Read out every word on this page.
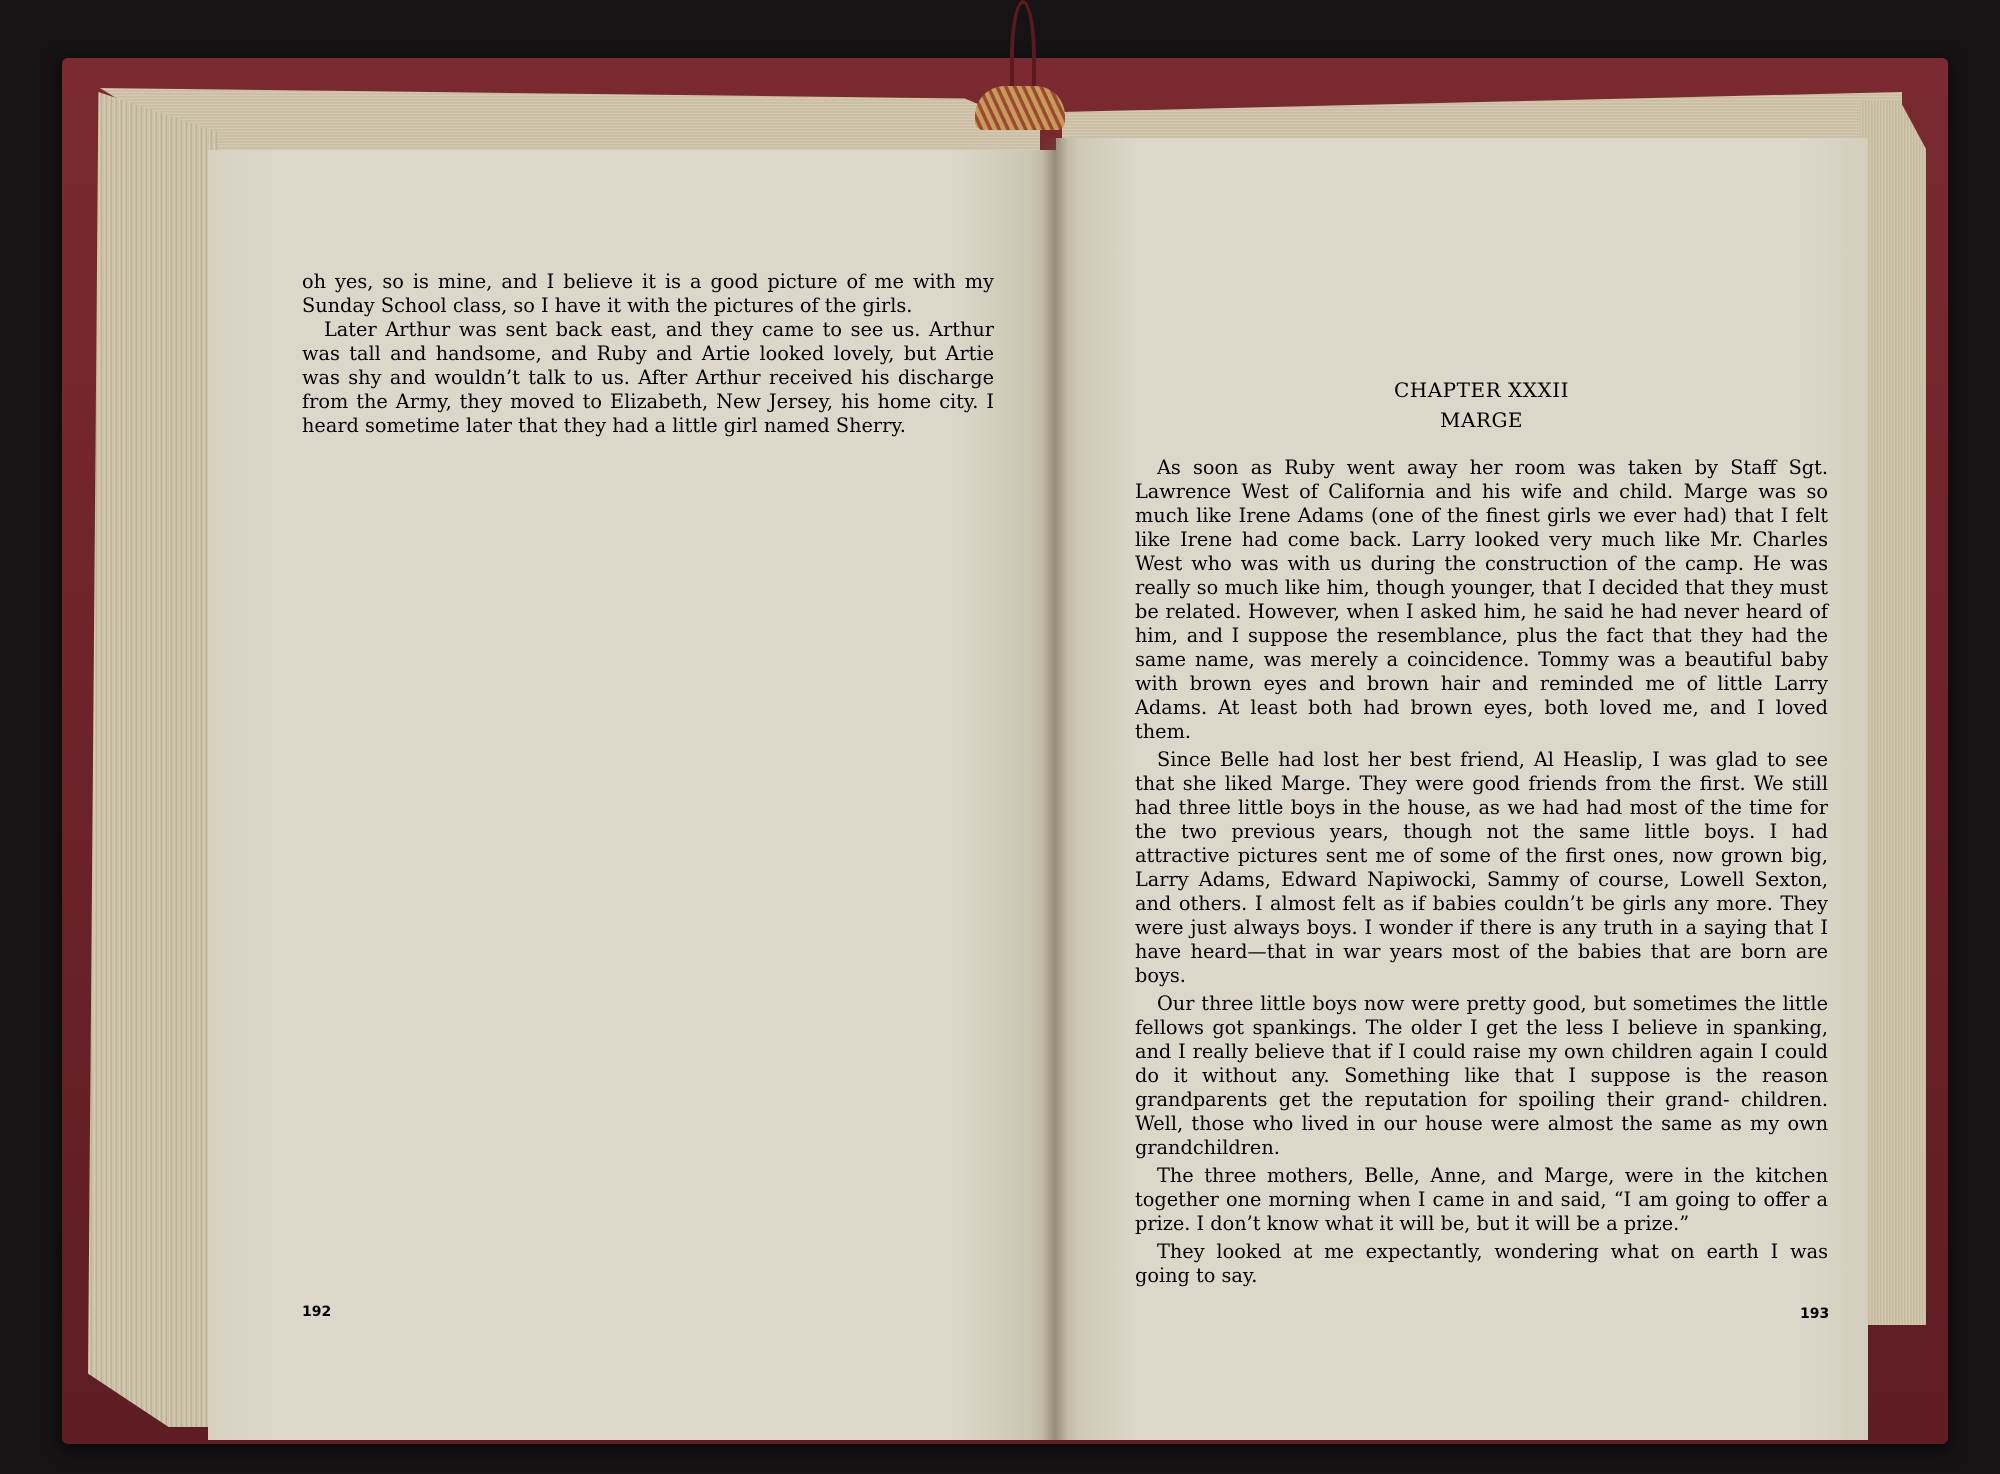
oh yes, so is mine, and I believe it is a good picture of me with my Sunday School class, so I have it with the pictures of the girls.

Later Arthur was sent back east, and they came to see us. Arthur was tall and handsome, and Ruby and Artie looked lovely, but Artie was shy and wouldn’t talk to us. After Arthur received his discharge from the Army, they moved to Elizabeth, New Jersey, his home city. I heard sometime later that they had a little girl named Sherry.

192
CHAPTER XXXII
MARGE

As soon as Ruby went away her room was taken by Staff Sgt. Lawrence West of California and his wife and child. Marge was so much like Irene Adams (one of the finest girls we ever had) that I felt like Irene had come back. Larry looked very much like Mr. Charles West who was with us during the construction of the camp. He was really so much like him, though younger, that I decided that they must be related. However, when I asked him, he said he had never heard of him, and I suppose the resemblance, plus the fact that they had the same name, was merely a coincidence. Tommy was a beautiful baby with brown eyes and brown hair and reminded me of little Larry Adams. At least both had brown eyes, both loved me, and I loved them.

Since Belle had lost her best friend, Al Heaslip, I was glad to see that she liked Marge. They were good friends from the first. We still had three little boys in the house, as we had had most of the time for the two previous years, though not the same little boys. I had attractive pictures sent me of some of the first ones, now grown big, Larry Adams, Edward Napiwocki, Sammy of course, Lowell Sexton, and others. I almost felt as if babies couldn’t be girls any more. They were just always boys. I wonder if there is any truth in a saying that I have heard—that in war years most of the babies that are born are boys.

Our three little boys now were pretty good, but sometimes the little fellows got spankings. The older I get the less I believe in spanking, and I really believe that if I could raise my own children again I could do it without any. Something like that I suppose is the reason grandparents get the reputation for spoiling their grand- children. Well, those who lived in our house were almost the same as my own grandchildren.

The three mothers, Belle, Anne, and Marge, were in the kitchen together one morning when I came in and said, “I am going to offer a prize. I don’t know what it will be, but it will be a prize.”

They looked at me expectantly, wondering what on earth I was going to say.

193
